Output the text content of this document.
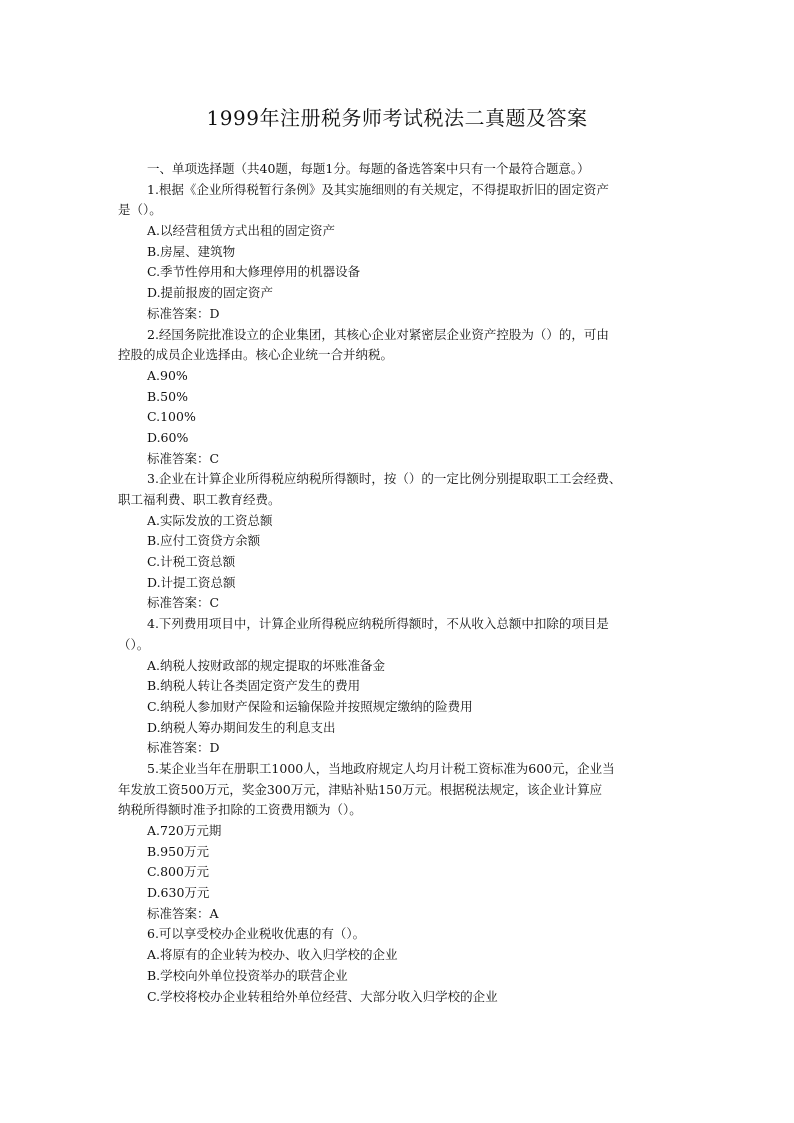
1999年注册税务师考试税法二真题及答案
一、单项选择题（共40题，每题1分。每题的备选答案中只有一个最符合题意。）
1.根据《企业所得税暂行条例》及其实施细则的有关规定，不得提取折旧的固定资产
是（）。
A.以经营租赁方式出租的固定资产
B.房屋、建筑物
C.季节性停用和大修理停用的机器设备
D.提前报废的固定资产
标准答案：D
2.经国务院批准设立的企业集团，其核心企业对紧密层企业资产控股为（）的，可由
控股的成员企业选择由。核心企业统一合并纳税。
A.90%
B.50%
C.100%
D.60%
标准答案：C
3.企业在计算企业所得税应纳税所得额时，按（）的一定比例分别提取职工工会经费、
职工福利费、职工教育经费。
A.实际发放的工资总额
B.应付工资贷方余额
C.计税工资总额
D.计提工资总额
标准答案：C
4.下列费用项目中，计算企业所得税应纳税所得额时，不从收入总额中扣除的项目是
（）。
A.纳税人按财政部的规定提取的坏账准备金
B.纳税人转让各类固定资产发生的费用
C.纳税人参加财产保险和运输保险并按照规定缴纳的险费用
D.纳税人筹办期间发生的利息支出
标准答案：D
5.某企业当年在册职工1000人，当地政府规定人均月计税工资标准为600元，企业当
年发放工资500万元，奖金300万元，津贴补贴150万元。根据税法规定，该企业计算应
纳税所得额时准予扣除的工资费用额为（）。
A.720万元期
B.950万元
C.800万元
D.630万元
标准答案：A
6.可以享受校办企业税收优惠的有（）。
A.将原有的企业转为校办、收入归学校的企业
B.学校向外单位投资举办的联营企业
C.学校将校办企业转租给外单位经营、大部分收入归学校的企业
